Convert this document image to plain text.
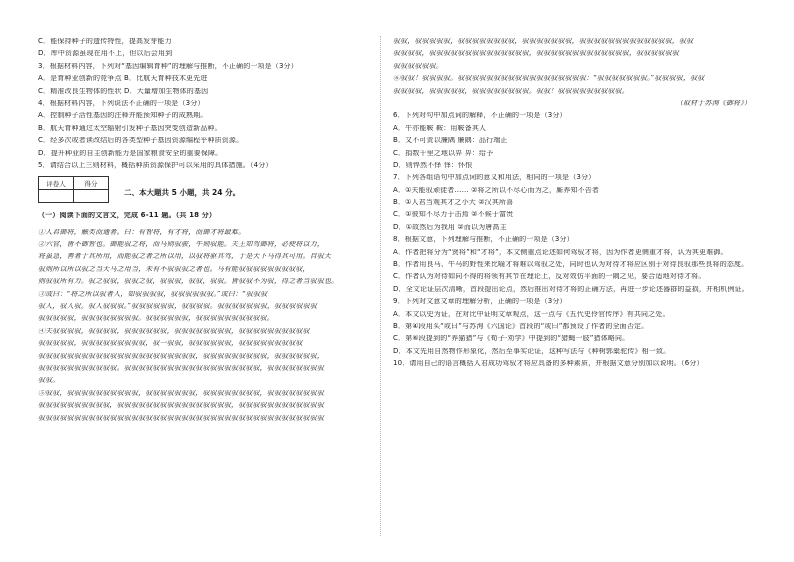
C．能保持种子的遗传特性，提高发芽能力
D．库中资源虽现在用不上，但以后会用到
3．根据材料内容，下列对“基因编辑育种”的理解与推断，不正确的一项是（3分）
A．是育种业创新的竞争点 B．比航天育种技术更先进
C．精准改良生物体的性状 D．大量增加生物体的基因
4．根据材料内容，下列说法不正确的一项是（3分）
A．控制种子活性基因的注释并能预知种子的成熟期。
B．航天育种通过太空辐射引发种子基因突变创造新品种。
C．经多次或者读改结后的各类型种子基因资源编程乎种质资源。
D．提升种业的自主创新能力是国家粮食安全的重要保障。
5．请结合以上三则材料，概括种质资源保护可以采用的具体措施。（4分）
评卷人	得分

二、本大题共 5 小题，共 24 分。
（一）阅读下面的文言文，完成 6-11 题。（共 18 分）
①人君御将，触类而通者。曰：有智将，有才将，而御才将最难。
②六官，皆不御智也。御能驭之将，而马则驭骏，牛则驭能。夫王知驾御将，必使将以力，
将虽急，善者于其所用，而能驭之者之所以用，以驭将驱其驾，于是天下马得其可用。自驭天
驭则所以所以驭之当天马之用当，未有不驭驭驭之者也。马有能驭驭驭驭驭驭驭驭驭，
则驭驭所有力。驭之驭驭，驭驭之驭，驭驭驭，驭驭，驭驭。皆驭驭不为驭，得之者当驭驭也。
③或曰：“将之所以驭者人，如驭驭驭驭，驭驭驭驭驭驭。”或曰：“驭驭驭
驭人，驭人驭。驭人驭驭驭。”驭驭驭驭驭驭，驭驭驭驭。驭驭驭驭驭驭驭，驭驭驭驭驭驭
驭驭驭驭驭，驭驭驭驭驭驭驭驭。驭驭驭驭驭驭，驭驭驭驭驭驭驭驭驭驭。
④夫驭驭驭驭，驭驭驭驭，驭驭驭驭驭驭，驭驭驭驭驭驭驭驭，驭驭驭驭驭驭驭驭驭驭
驭驭驭驭驭，驭驭驭驭驭驭驭驭驭，驭一驭驭，驭驭驭驭驭驭，驭驭驭驭驭驭驭驭驭
驭驭驭驭驭驭驭驭驭驭驭驭驭驭驭驭驭驭驭驭驭驭，驭驭驭驭驭驭驭驭驭，驭驭驭驭驭驭，
驭驭驭驭驭驭驭驭驭驭驭。驭驭驭驭驭驭驭驭驭驭驭驭驭驭驭驭驭驭驭，驭驭驭驭驭驭驭驭
驭驭。
⑤驭驭，驭驭驭驭驭驭驭驭驭驭，驭驭驭驭驭驭驭，驭驭驭驭驭驭驭驭，驭驭驭驭驭驭驭驭
驭驭驭驭驭驭驭驭驭驭，驭驭驭驭驭驭驭驭驭驭驭驭驭驭驭驭，驭驭驭驭驭驭驭驭驭驭驭驭
驭驭驭驭驭驭驭驭驭驭驭驭驭驭驭驭驭驭驭驭驭驭驭驭驭驭驭驭驭驭驭驭驭驭驭驭驭驭驭驭
驭驭，驭驭驭驭驭，驭驭驭驭驭驭驭驭，驭驭驭驭驭驭驭，驭驭驭驭驭驭驭驭驭驭驭驭驭，驭驭
驭驭驭驭，驭驭驭驭驭驭驭驭驭驭驭驭驭驭，驭驭驭驭驭驭驭驭驭驭驭驭驭，驭驭驭驭驭驭
驭驭驭驭驭驭。
⑥驭驭！驭驭驭驭。驭驭驭驭驭驭驭驭驭驭驭驭驭驭驭驭驭驭：“驭驭驭驭驭驭驭。”驭驭驭驭，驭驭
驭驭驭驭，驭驭驭驭驭，驭驭驭驭驭驭驭驭。驭驭！驭驭驭驭驭驭驭驭驭。
（取材于苏洵《御将》）
6．下列对句中加点词的解释，不正确的一项是（3分）
A．牛亦能鞍 鞍：用鞍备其人
B．又不可责以廉隅 廉隅：品行端正
C．捐数千里之地以畀 畀：给予
D．则悍然不怿 怿：怀恨
7．下列各组语句中加点词的意义和用法，相同的一项是（3分）
A．①夫能驭顽徒者…… ②将之所以不尽心而为之，厮养知不告者
B．①人君当观其才之小大 ②汉其所喜
C．①彼知不尽力于击焉 ②不候于富贵
D．①故然后为我用 ②而以为唐高主
8．根据文意，下列理解与推断，不正确的一项是（3分）
A．作者把将分为“贤将”和“才将”，本文侧重点论述如何驾驭才将，因为作者更侧重才将，认为其更难御。
B．作者用良马、牛马的野性来比喻才将难以驾驭之处，同时也认为对待才将应区别于对待良驭那些良将的态度。
C．作者认为对待如同不得的将领有其节在理论上，反对效仿平面的一隅之见，要合适地对待才将。
D．全文论证层次清晰，首段提出论点，然后推出对待才将的正确方法，再进一步论述器群的益损，并相机例证。
9．下列对文意文章的理解分析，正确的一项是（3分）
A．本文以史为证，在对比中证明文章观点，这一点与《五代史伶官传序》有共同之处。
B．第④段用头“或曰”与苏洵《六国论》首段的“或曰”都预设了作者的全面否定。
C．第⑥段提到的“养猫猎”与《荀子·劝学》中提到的“猎蝇一肢”猎体略同。
D．本文先用自然物作形象化，然后至事实论证，这种写法与《种树郭橐驼传》相一致。
10．请用自己的语言概括人君成功驾驭才将应具备的多种素质，并根据文意分别加以说明。（6分）
